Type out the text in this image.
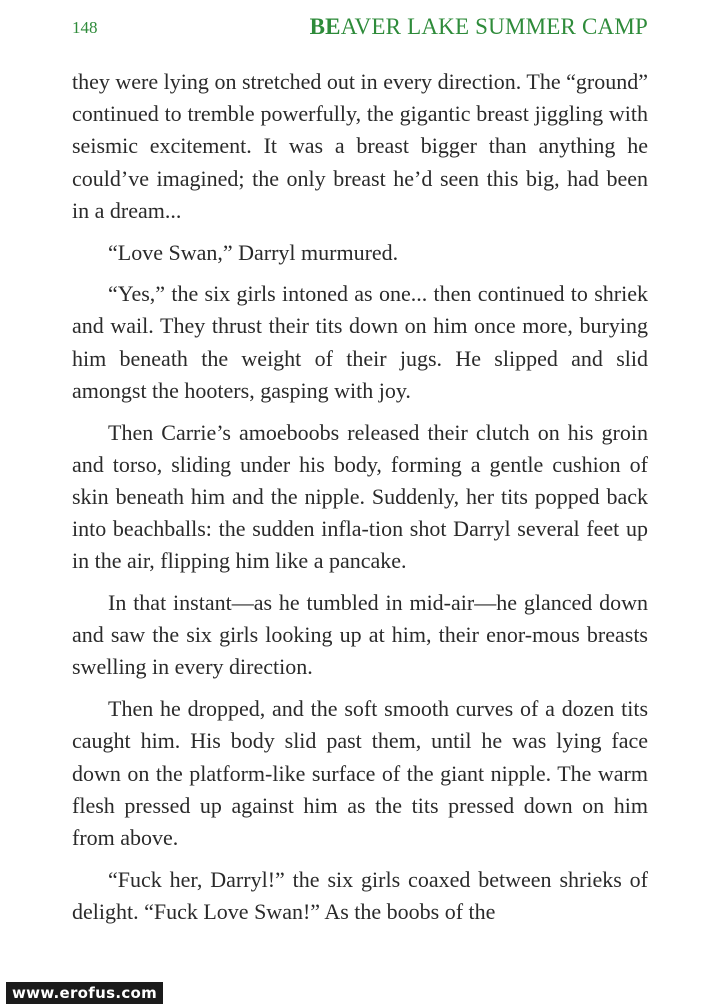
148	BEAVER LAKE SUMMER CAMP

they were lying on stretched out in every direction. The “ground” continued to tremble powerfully, the gigantic breast jiggling with seismic excitement. It was a breast bigger than anything he could’ve imagined; the only breast he’d seen this big, had been in a dream...

“Love Swan,” Darryl murmured.

“Yes,” the six girls intoned as one... then continued to shriek and wail. They thrust their tits down on him once more, burying him beneath the weight of their jugs. He slipped and slid amongst the hooters, gasping with joy.

Then Carrie’s amoeboobs released their clutch on his groin and torso, sliding under his body, forming a gentle cushion of skin beneath him and the nipple. Suddenly, her tits popped back into beachballs: the sudden infla-tion shot Darryl several feet up in the air, flipping him like a pancake.

In that instant—as he tumbled in mid-air—he glanced down and saw the six girls looking up at him, their enor-mous breasts swelling in every direction.

Then he dropped, and the soft smooth curves of a dozen tits caught him. His body slid past them, until he was lying face down on the platform-like surface of the giant nipple. The warm flesh pressed up against him as the tits pressed down on him from above.

“Fuck her, Darryl!” the six girls coaxed between shrieks of delight. “Fuck Love Swan!” As the boobs of the

www.erofus.com
